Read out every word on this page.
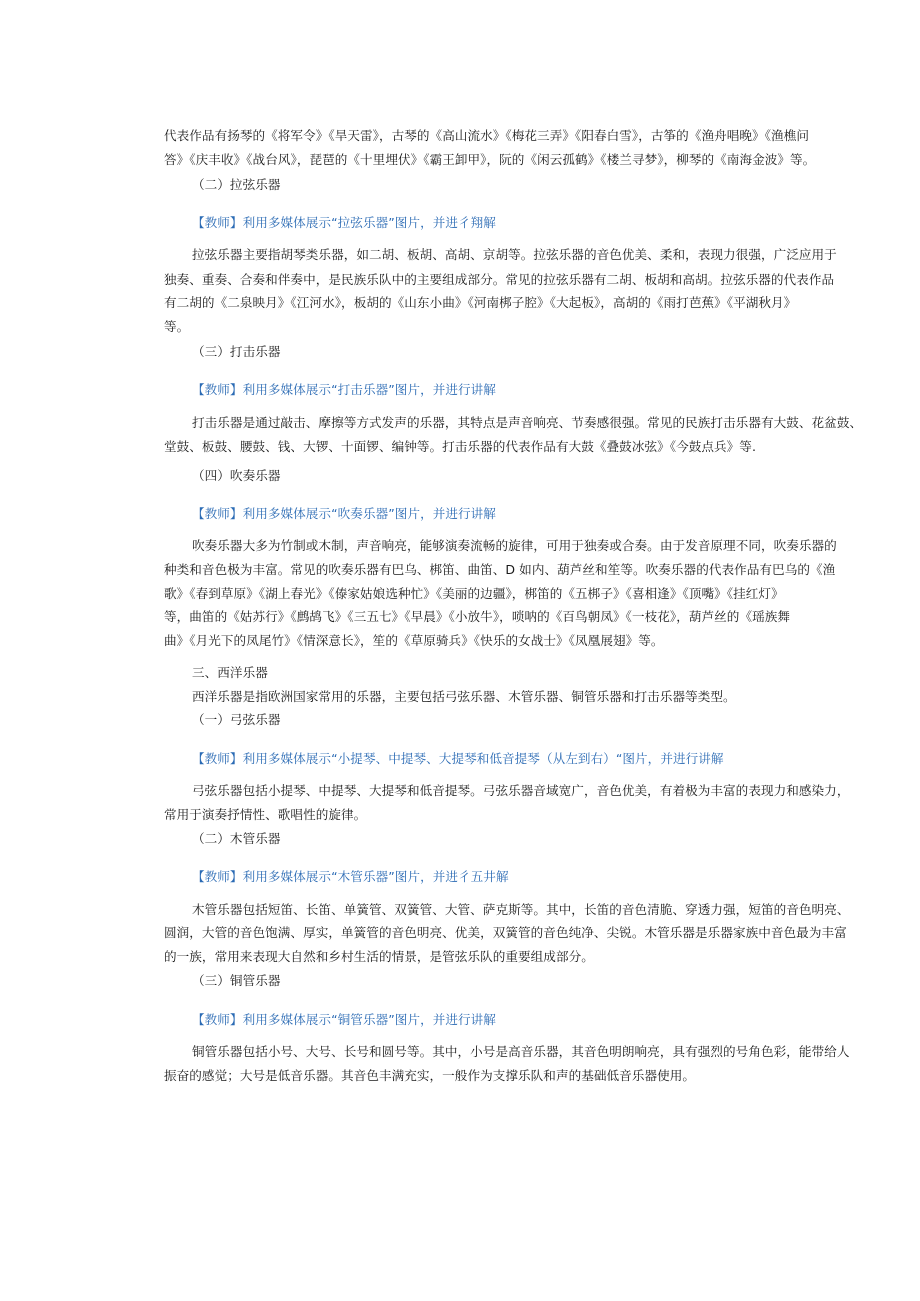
代表作品有扬琴的《将军令》《旱天雷》，古琴的《高山流水》《梅花三弄》《阳春白雪》，古筝的《渔舟唱晚》《渔樵问
答》《庆丰收》《战台风》，琵琶的《十里埋伏》《霸王卸甲》，阮的《闲云孤鹤》《楼兰寻梦》，柳琴的《南海金波》等。
（二）拉弦乐器
【教师】利用多媒体展示“拉弦乐器”图片，并进彳翔解
拉弦乐器主要指胡琴类乐器，如二胡、板胡、高胡、京胡等。拉弦乐器的音色优美、柔和，表现力很强，广泛应用于
独奏、重奏、合奏和伴奏中，是民族乐队中的主要组成部分。常见的拉弦乐器有二胡、板胡和高胡。拉弦乐器的代表作品
有二胡的《二泉映月》《江河水》，板胡的《山东小曲》《河南梆子腔》《大起板》，高胡的《雨打芭蕉》《平湖秋月》
等。
（三）打击乐器
【教师】利用多媒体展示“打击乐器”图片，并进行讲解
打击乐器是通过敲击、摩擦等方式发声的乐器，其特点是声音响亮、节奏感很强。常见的民族打击乐器有大鼓、花盆鼓、
堂鼓、板鼓、腰鼓、钱、大锣、十面锣、编钟等。打击乐器的代表作品有大鼓《叠鼓冰弦》《今鼓点兵》等.
（四）吹奏乐器
【教师】利用多媒体展示“吹奏乐器”图片，并进行讲解
吹奏乐器大多为竹制或木制，声音响亮，能够演奏流畅的旋律，可用于独奏或合奏。由于发音原理不同，吹奏乐器的
种类和音色极为丰富。常见的吹奏乐器有巴乌、梆笛、曲笛、D 如内、葫芦丝和笙等。吹奏乐器的代表作品有巴乌的《渔
歌》《春到草原》《湖上春光》《傣家姑娘选种忙》《美丽的边疆》，梆笛的《五梆子》《喜相逢》《顶嘴》《挂红灯》
等，曲笛的《姑苏行》《鹧鸪飞》《三五七》《早晨》《小放牛》，唢呐的《百鸟朝凤》《一枝花》，葫芦丝的《瑶族舞
曲》《月光下的凤尾竹》《情深意长》，笙的《草原骑兵》《快乐的女战士》《凤凰展翅》等。
三、西洋乐器
西洋乐器是指欧洲国家常用的乐器，主要包括弓弦乐器、木管乐器、铜管乐器和打击乐器等类型。
（一）弓弦乐器
【教师】利用多媒体展示“小提琴、中提琴、大提琴和低音提琴（从左到右）“图片，并进行讲解
弓弦乐器包括小提琴、中提琴、大提琴和低音提琴。弓弦乐器音域宽广，音色优美，有着极为丰富的表现力和感染力，
常用于演奏抒情性、歌唱性的旋律。
（二）木管乐器
【教师】利用多媒体展示“木管乐器”图片，并进彳五井解
木管乐器包括短笛、长笛、单簧管、双簧管、大管、萨克斯等。其中，长笛的音色清脆、穿透力强，短笛的音色明亮、
圆润，大管的音色饱满、厚实，单簧管的音色明亮、优美，双簧管的音色纯净、尖锐。木管乐器是乐器家族中音色最为丰富
的一族，常用来表现大自然和乡村生活的情景，是管弦乐队的重要组成部分。
（三）铜管乐器
【教师】利用多媒体展示“铜管乐器”图片，并进行讲解
铜管乐器包括小号、大号、长号和圆号等。其中，小号是高音乐器，其音色明朗响亮，具有强烈的号角色彩，能带给人
振奋的感觉；大号是低音乐器。其音色丰满充实，一般作为支撑乐队和声的基础低音乐器使用。
